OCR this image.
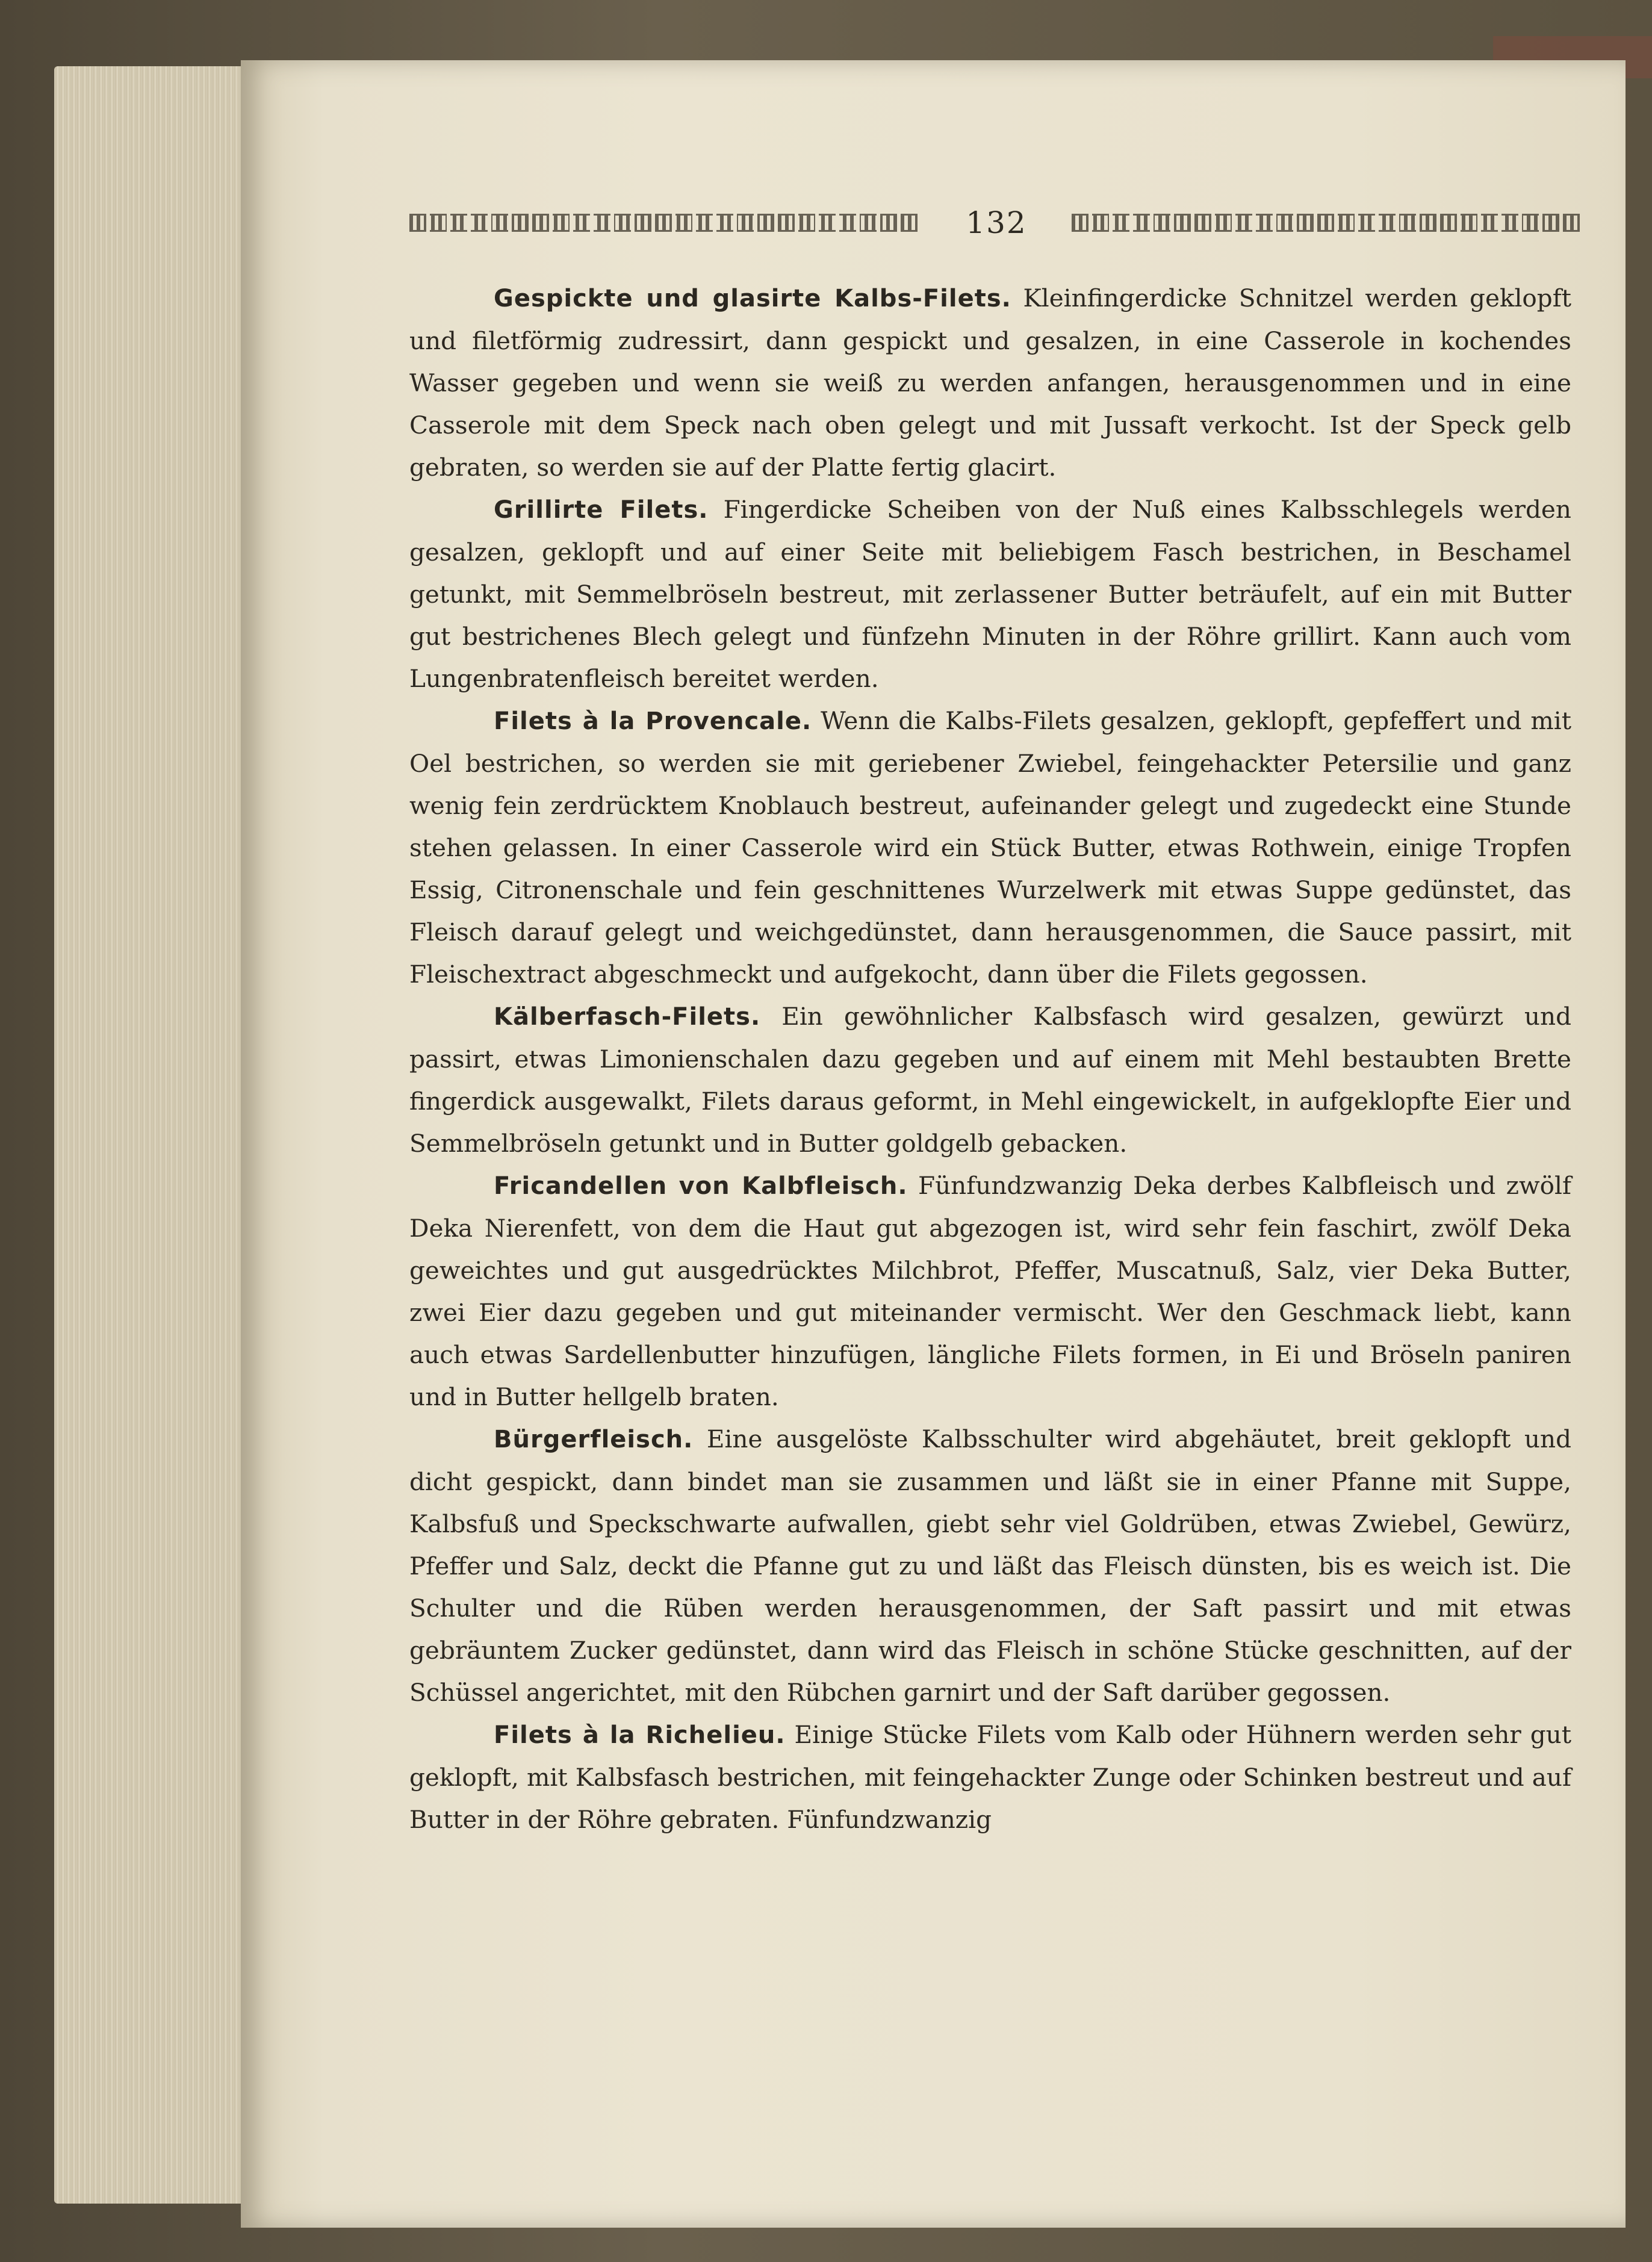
132

Gespickte und glasirte Kalbs-Filets. Kleinfingerdicke Schnitzel werden geklopft und filetförmig zudressirt, dann gespickt und gesalzen, in eine Casserole in kochendes Wasser gegeben und wenn sie weiß zu werden anfangen, herausgenommen und in eine Casserole mit dem Speck nach oben gelegt und mit Jussaft verkocht. Ist der Speck gelb gebraten, so werden sie auf der Platte fertig glacirt.

Grillirte Filets. Fingerdicke Scheiben von der Nuß eines Kalbsschlegels werden gesalzen, geklopft und auf einer Seite mit beliebigem Fasch bestrichen, in Beschamel getunkt, mit Semmelbröseln bestreut, mit zerlassener Butter beträufelt, auf ein mit Butter gut bestrichenes Blech gelegt und fünfzehn Minuten in der Röhre grillirt. Kann auch vom Lungenbratenfleisch bereitet werden.

Filets à la Provencale. Wenn die Kalbs-Filets gesalzen, geklopft, gepfeffert und mit Oel bestrichen, so werden sie mit geriebener Zwiebel, feingehackter Petersilie und ganz wenig fein zerdrücktem Knoblauch bestreut, aufeinander gelegt und zugedeckt eine Stunde stehen gelassen. In einer Casserole wird ein Stück Butter, etwas Rothwein, einige Tropfen Essig, Citronenschale und fein geschnittenes Wurzelwerk mit etwas Suppe gedünstet, das Fleisch darauf gelegt und weichgedünstet, dann herausgenommen, die Sauce passirt, mit Fleischextract abgeschmeckt und aufgekocht, dann über die Filets gegossen.

Kälberfasch-Filets. Ein gewöhnlicher Kalbsfasch wird gesalzen, gewürzt und passirt, etwas Limonienschalen dazu gegeben und auf einem mit Mehl bestaubten Brette fingerdick ausgewalkt, Filets daraus geformt, in Mehl eingewickelt, in aufgeklopfte Eier und Semmelbröseln getunkt und in Butter goldgelb gebacken.

Fricandellen von Kalbfleisch. Fünfundzwanzig Deka derbes Kalbfleisch und zwölf Deka Nierenfett, von dem die Haut gut abgezogen ist, wird sehr fein faschirt, zwölf Deka geweichtes und gut ausgedrücktes Milchbrot, Pfeffer, Muscatnuß, Salz, vier Deka Butter, zwei Eier dazu gegeben und gut miteinander vermischt. Wer den Geschmack liebt, kann auch etwas Sardellenbutter hinzufügen, längliche Filets formen, in Ei und Bröseln paniren und in Butter hellgelb braten.

Bürgerfleisch. Eine ausgelöste Kalbsschulter wird abgehäutet, breit geklopft und dicht gespickt, dann bindet man sie zusammen und läßt sie in einer Pfanne mit Suppe, Kalbsfuß und Speckschwarte aufwallen, giebt sehr viel Goldrüben, etwas Zwiebel, Gewürz, Pfeffer und Salz, deckt die Pfanne gut zu und läßt das Fleisch dünsten, bis es weich ist. Die Schulter und die Rüben werden herausgenommen, der Saft passirt und mit etwas gebräuntem Zucker gedünstet, dann wird das Fleisch in schöne Stücke geschnitten, auf der Schüssel angerichtet, mit den Rübchen garnirt und der Saft darüber gegossen.

Filets à la Richelieu. Einige Stücke Filets vom Kalb oder Hühnern werden sehr gut geklopft, mit Kalbsfasch bestrichen, mit feingehackter Zunge oder Schinken bestreut und auf Butter in der Röhre gebraten. Fünfundzwanzig
